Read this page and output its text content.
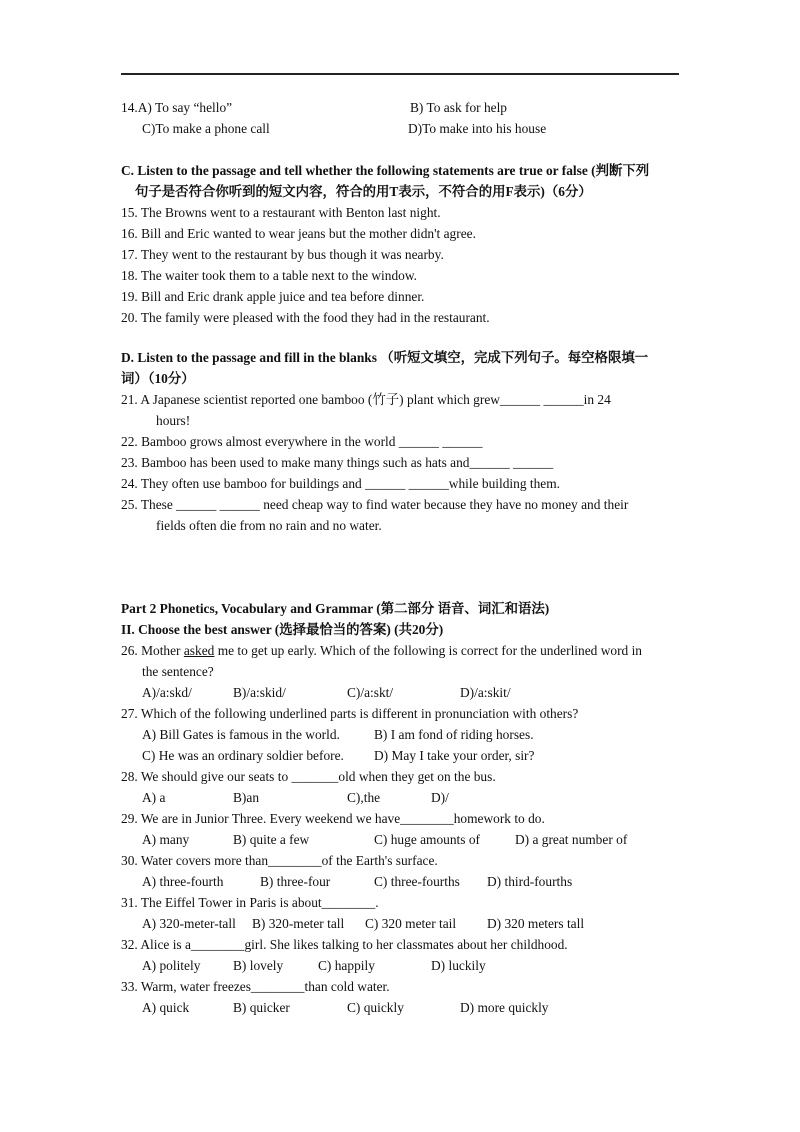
14.A) To say “hello”	B) To ask for help
C)To make a phone call	D)To make into his house
C. Listen to the passage and tell whether the following statements are true or false (判断下列
句子是否符合你听到的短文内容，符合的用T表示，不符合的用F表示)（6分）
15. The Browns went to a restaurant with Benton last night.
16. Bill and Eric wanted to wear jeans but the mother didn't agree.
17. They went to the restaurant by bus though it was nearby.
18. The waiter took them to a table next to the window.
19. Bill and Eric drank apple juice and tea before dinner.
20. The family were pleased with the food they had in the restaurant.
D. Listen to the passage and fill in the blanks （听短文填空，完成下列句子。每空格限填一
词）（10分）
21. A Japanese scientist reported one bamboo (竹子) plant which grew______ ______in 24
hours!
22. Bamboo grows almost everywhere in the world ______ ______
23. Bamboo has been used to make many things such as hats and______ ______
24. They often use bamboo for buildings and ______ ______while building them.
25. These ______ ______ need cheap way to find water because they have no money and their
fields often die from no rain and no water.
Part 2 Phonetics, Vocabulary and Grammar (第二部分 语音、词汇和语法)
II. Choose the best answer (选择最恰当的答案) (共20分)
26. Mother asked me to get up early. Which of the following is correct for the underlined word in
the sentence?
A)/a:skd/	B)/a:skid/	C)/a:skt/	D)/a:skit/
27. Which of the following underlined parts is different in pronunciation with others?
A) Bill Gates is famous in the world.	B) I am fond of riding horses.
C) He was an ordinary soldier before. D) May I take your order, sir?
28. We should give our seats to _______old when they get on the bus.
A) a	B)an	C),the	D)/
29. We are in Junior Three. Every weekend we have________homework to do.
A) many	B) quite a few	C) huge amounts of	D) a great number of
30. Water covers more than________of the Earth's surface.
A) three-fourth	B) three-four	C) three-fourths D) third-fourths
31. The Eiffel Tower in Paris is about________.
A) 320-meter-tall B) 320-meter tall C) 320 meter tail D) 320 meters tall
32. Alice is a________girl. She likes talking to her classmates about her childhood.
A) politely B) lovely	C) happily	D) luckily
33. Warm, water freezes________than cold water.
A) quick	B) quicker	C) quickly	D) more quickly
